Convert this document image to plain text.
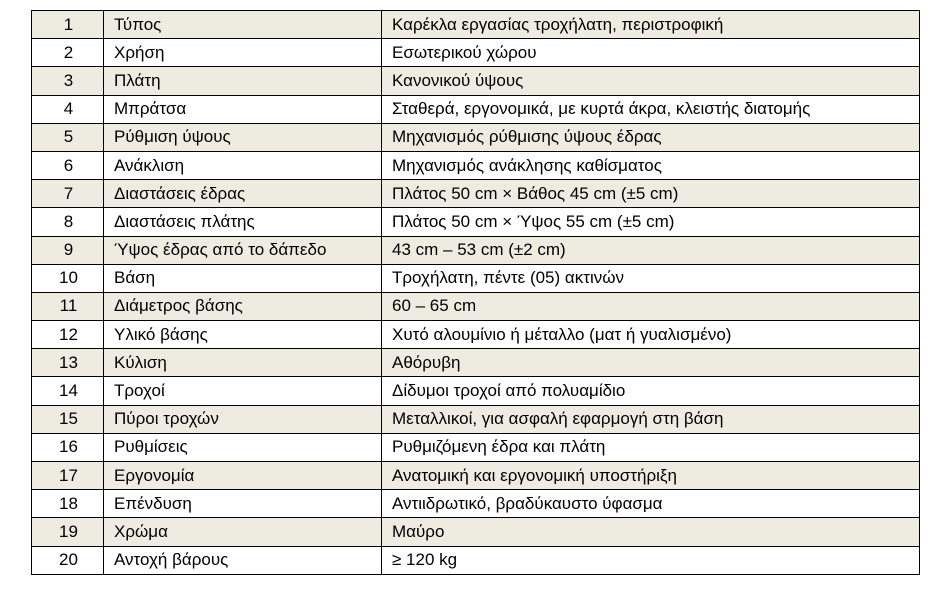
1	Τύπος	Καρέκλα εργασίας τροχήλατη, περιστροφική
2	Χρήση	Εσωτερικού χώρου
3	Πλάτη	Κανονικού ύψους
4	Μπράτσα	Σταθερά, εργονομικά, με κυρτά άκρα, κλειστής διατομής
5	Ρύθμιση ύψους	Μηχανισμός ρύθμισης ύψους έδρας
6	Ανάκλιση	Μηχανισμός ανάκλησης καθίσματος
7	Διαστάσεις έδρας	Πλάτος 50 cm × Βάθος 45 cm (±5 cm)
8	Διαστάσεις πλάτης	Πλάτος 50 cm × Ύψος 55 cm (±5 cm)
9	Ύψος έδρας από το δάπεδο	43 cm – 53 cm (±2 cm)
10	Βάση	Τροχήλατη, πέντε (05) ακτινών
11	Διάμετρος βάσης	60 – 65 cm
12	Υλικό βάσης	Χυτό αλουμίνιο ή μέταλλο (ματ ή γυαλισμένο)
13	Κύλιση	Αθόρυβη
14	Τροχοί	Δίδυμοι τροχοί από πολυαμίδιο
15	Πύροι τροχών	Μεταλλικοί, για ασφαλή εφαρμογή στη βάση
16	Ρυθμίσεις	Ρυθμιζόμενη έδρα και πλάτη
17	Εργονομία	Ανατομική και εργονομική υποστήριξη
18	Επένδυση	Αντιιδρωτικό, βραδύκαυστο ύφασμα
19	Χρώμα	Μαύρο
20	Αντοχή βάρους	≥ 120 kg
